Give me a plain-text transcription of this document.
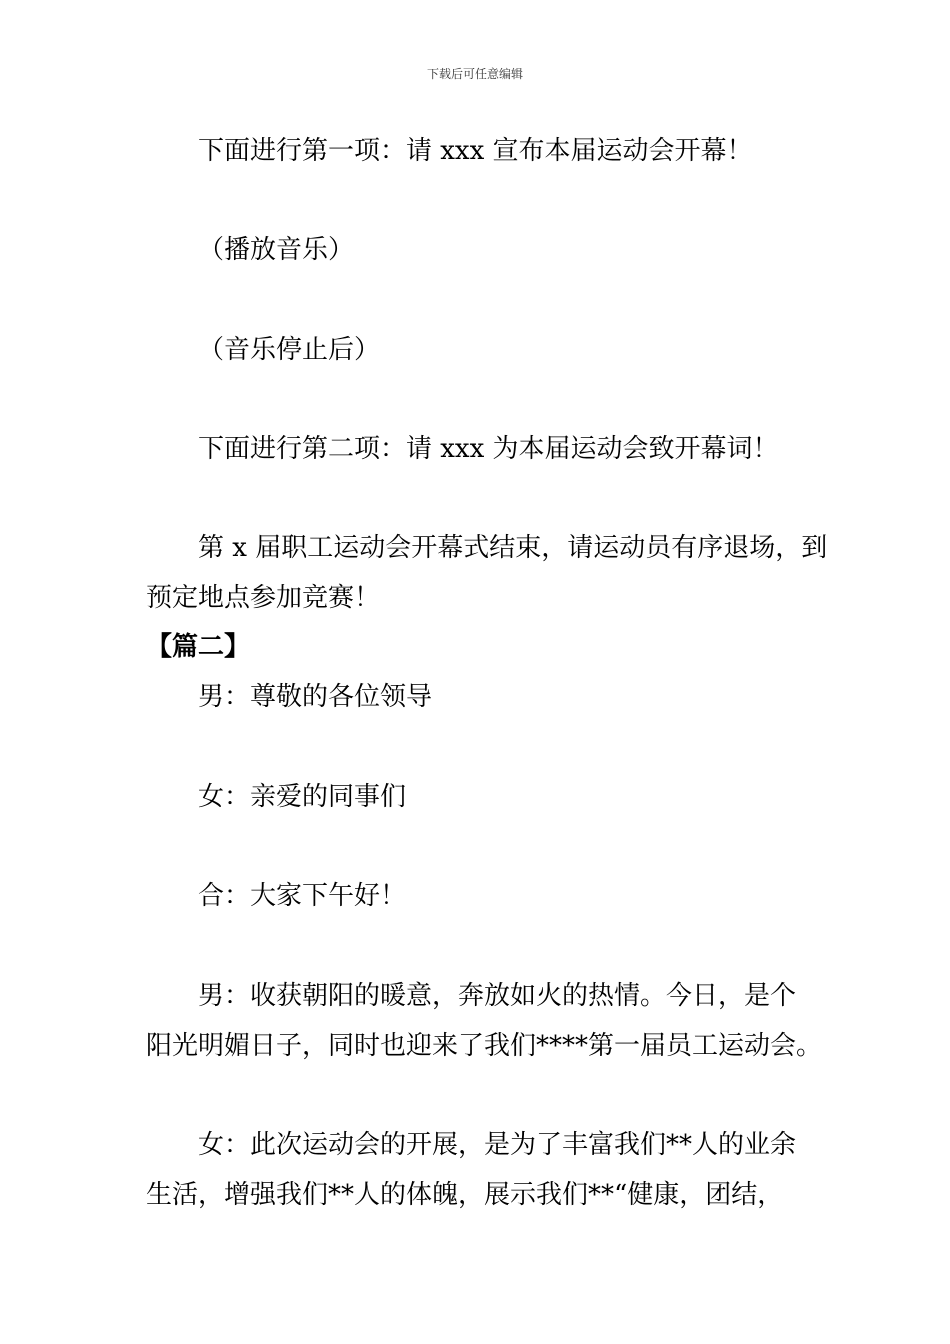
下载后可任意编辑
下面进行第一项：请 xxx 宣布本届运动会开幕！
（播放音乐）
（音乐停止后）
下面进行第二项：请 xxx 为本届运动会致开幕词！
第 x 届职工运动会开幕式结束，请运动员有序退场，到
预定地点参加竞赛！
【篇二】
男：尊敬的各位领导
女：亲爱的同事们
合：大家下午好！
男：收获朝阳的暖意，奔放如火的热情。今日，是个
阳光明媚日子，同时也迎来了我们****第一届员工运动会。
女：此次运动会的开展，是为了丰富我们**人的业余
生活，增强我们**人的体魄，展示我们**“健康，团结，
